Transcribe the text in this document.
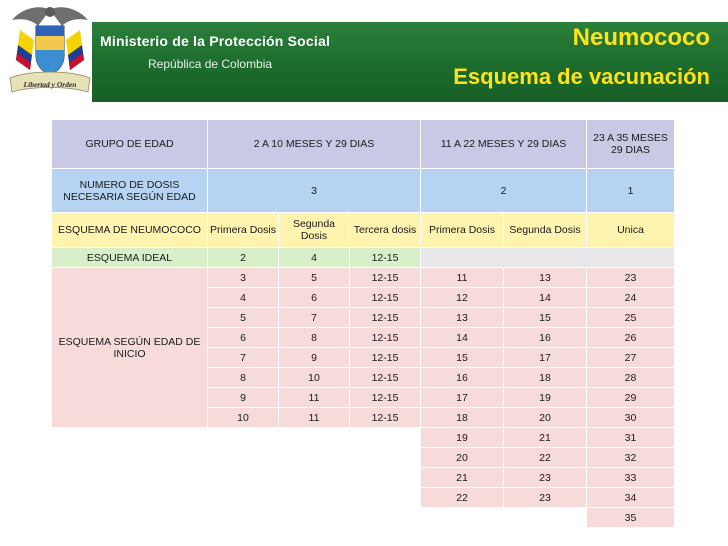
Libertad y Orden
Ministerio de la Protección Social
República de Colombia
Neumococo
Esquema de vacunación
GRUPO DE EDAD	2 A 10 MESES Y 29 DIAS			11 A 22 MESES Y 29 DIAS		23 A 35 MESES 29 DIAS
NUMERO DE DOSIS NECESARIA SEGÚN EDAD	3			2		1
ESQUEMA DE NEUMOCOCO	Primera Dosis	Segunda Dosis	Tercera dosis	Primera Dosis	Segunda Dosis	Unica
ESQUEMA IDEAL	2	4	12-15			
ESQUEMA SEGÚN EDAD DE INICIO	3	5	12-15	11	13	23
	4	6	12-15	12	14	24
	5	7	12-15	13	15	25
	6	8	12-15	14	16	26
	7	9	12-15	15	17	27
	8	10	12-15	16	18	28
	9	11	12-15	17	19	29
	10	11	12-15	18	20	30
				19	21	31
				20	22	32
				21	23	33
				22	23	34
						35
